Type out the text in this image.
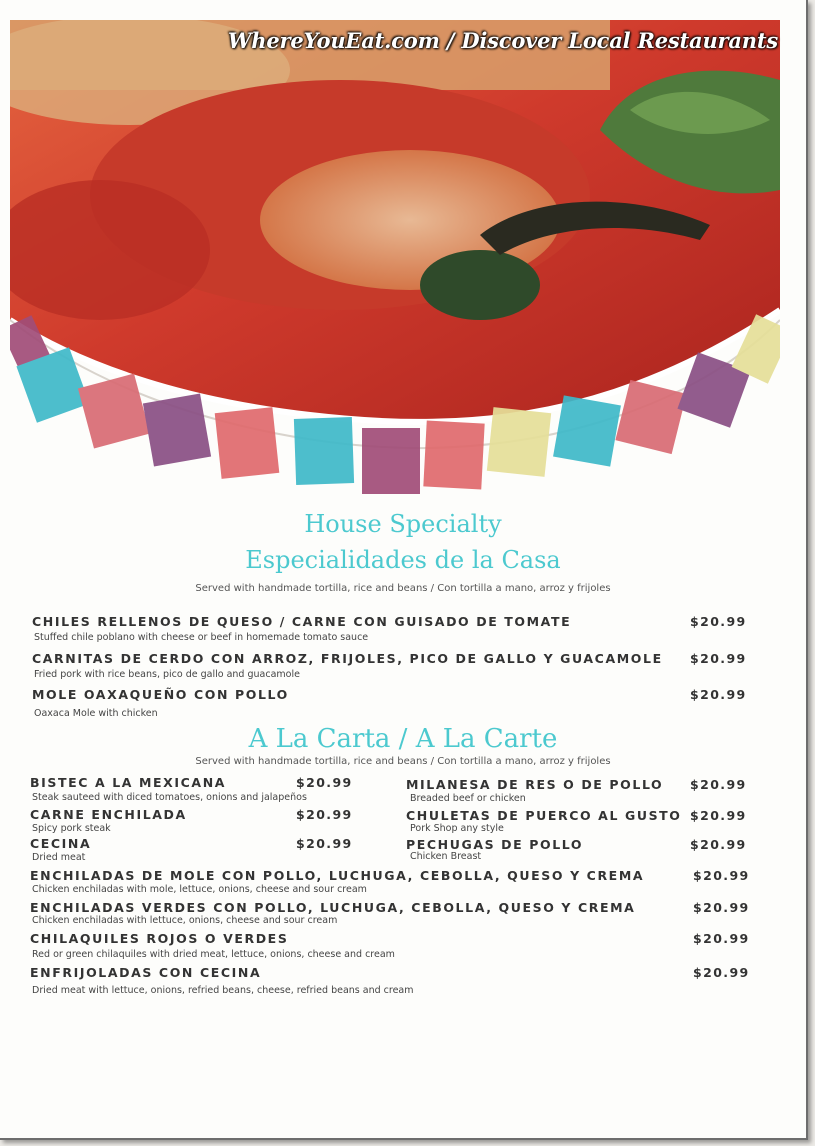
WhereYouEat.com / Discover Local Restaurants
House Specialty
Especialidades de la Casa
Served with handmade tortilla, rice and beans / Con tortilla a mano, arroz y frijoles
CHILES RELLENOS DE QUESO / CARNE CON GUISADO DE TOMATE	$20.99
Stuffed chile poblano with cheese or beef in homemade tomato sauce
CARNITAS DE CERDO CON ARROZ, FRIJOLES, PICO DE GALLO Y GUACAMOLE $20.99
Fried pork with rice beans, pico de gallo and guacamole
MOLE OAXAQUEÑO CON POLLO	$20.99
Oaxaca Mole with chicken
A La Carta / A La Carte
Served with handmade tortilla, rice and beans / Con tortilla a mano, arroz y frijoles
BISTEC A LA MEXICANA	$20.99
Steak sauteed with diced tomatoes, onions and jalapeños
CARNE ENCHILADA	$20.99
Spicy pork steak
CECINA	$20.99
Dried meat
MILANESA DE RES O DE POLLO $20.99
Breaded beef or chicken
CHULETAS DE PUERCO AL GUSTO $20.99
Pork Shop any style
PECHUGAS DE POLLO	$20.99
Chicken Breast
ENCHILADAS DE MOLE CON POLLO, LUCHUGA, CEBOLLA, QUESO Y CREMA	$20.99
Chicken enchiladas with mole, lettuce, onions, cheese and sour cream
ENCHILADAS VERDES CON POLLO, LUCHUGA, CEBOLLA, QUESO Y CREMA	$20.99
Chicken enchiladas with lettuce, onions, cheese and sour cream
CHILAQUILES ROJOS O VERDES	$20.99
Red or green chilaquiles with dried meat, lettuce, onions, cheese and cream
ENFRIJOLADAS CON CECINA	$20.99
Dried meat with lettuce, onions, refried beans, cheese, refried beans and cream
